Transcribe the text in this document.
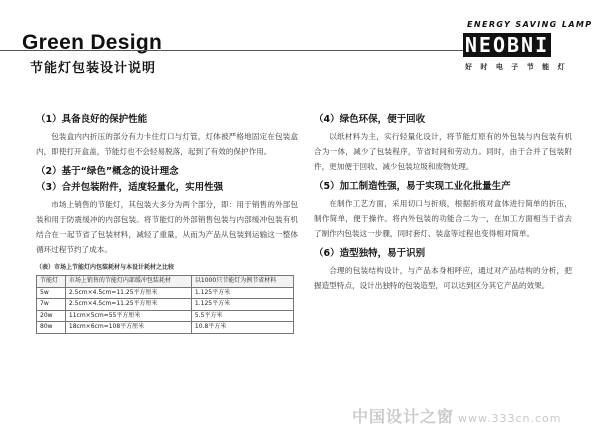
Green Design
节能灯包装设计说明
ENERGY SAVING LAMP
NEOBNI
好 时 电 子 节 能 灯
（1）具备良好的保护性能

包装盒内内折压的部分有力卡住灯口与灯管，灯体被严格地固定在包装盒内，即使打开盒盖，节能灯也不会轻易脱落，起到了有效的保护作用。

（2）基于“绿色”概念的设计理念
（3）合并包装附件，适度轻量化，实用性强

市场上销售的节能灯，其包装大多分为两个部分，即：用于销售的外部包装和用于防震缓冲的内部包装。将节能灯的外部销售包装与内部缓冲包装有机结合在一起节省了包装材料，减轻了重量，从而为产品从包装到运输这一整体循环过程节约了成本。

（表）市场上节能灯内包装耗材与本设计耗材之比较
节能灯	市场上销售的节能灯内部缓冲包装耗材	以1000只节能灯为例节省材料
5w	2.5cm×4.5cm=11.25平方厘米	1.125平方米
7w	2.5cm×4.5cm=11.25平方厘米	1.125平方米
20w	11cm×5cm=55平方厘米	5.5平方米
80w	18cm×6cm=108平方厘米	10.8平方米
（4）绿色环保，便于回收

以纸材料为主，实行轻量化设计，将节能灯原有的外包装与内包装有机合为一体，减少了包装程序，节省时间和劳动力。同时，由于合并了包装附件，更加便于回收、减少包装垃圾和废物处理。

（5）加工制造性强，易于实现工业化批量生产

在制作工艺方面，采用切口与折痕，根据折痕对盒体进行简单的折压，制作简单，便于操作。将内外包装的功能合二为一，在加工方面相当于省去了制作内包装这一步骤，同时套灯、装盒等过程也变得相对简单。

（6）造型独特，易于识别

合理的包装结构设计，与产品本身相呼应，通过对产品结构的分析，把握造型特点，设计出独特的包装造型，可以达到区分其它产品的效果。

中国设计之窗 www.333cn.com
